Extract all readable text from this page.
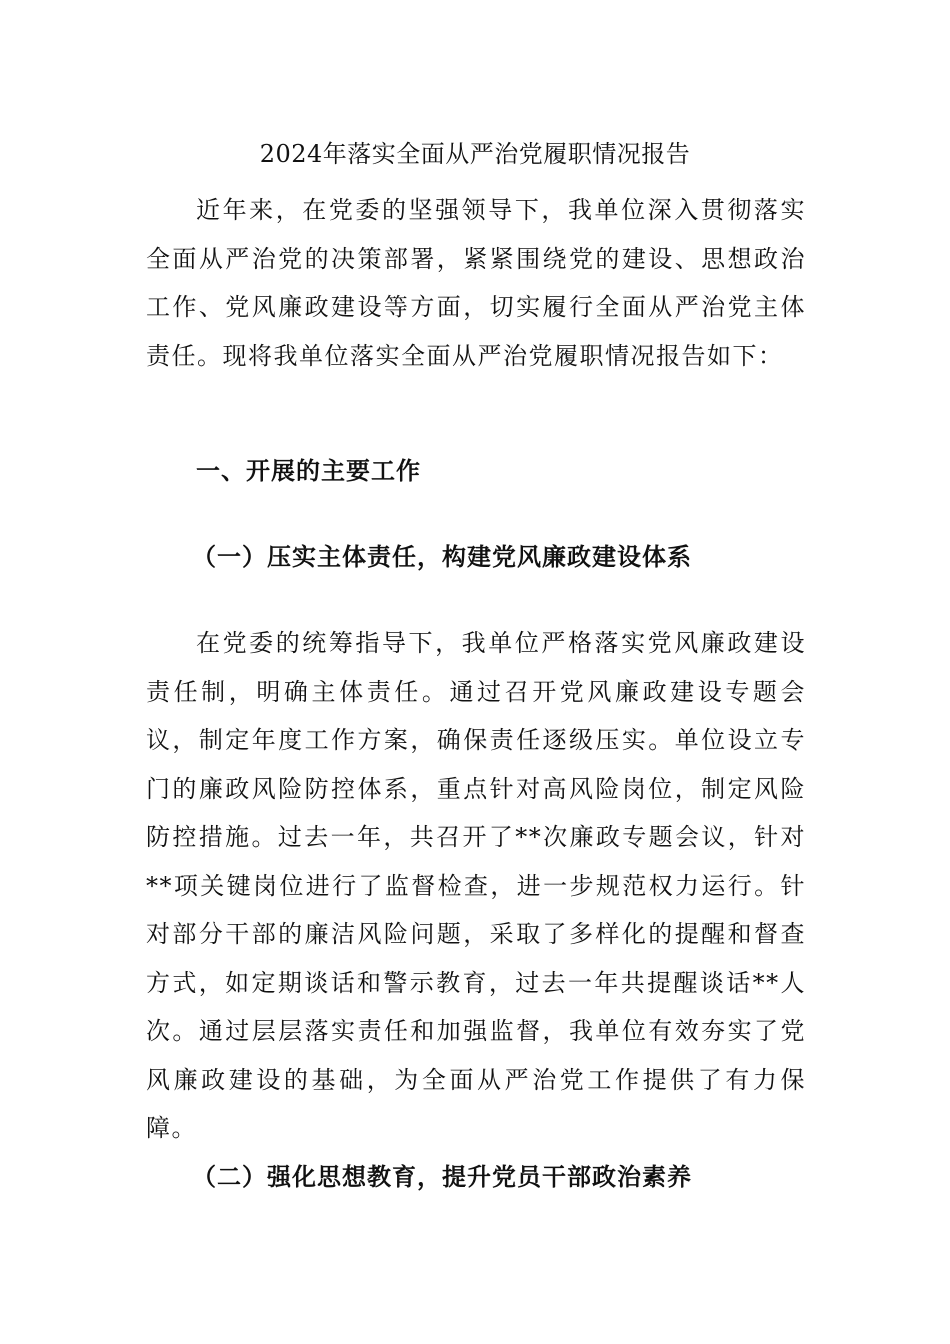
2024年落实全面从严治党履职情况报告

近年来，在党委的坚强领导下，我单位深入贯彻落实全面从严治党的决策部署，紧紧围绕党的建设、思想政治工作、党风廉政建设等方面，切实履行全面从严治党主体责任。现将我单位落实全面从严治党履职情况报告如下：

一、开展的主要工作
（一）压实主体责任，构建党风廉政建设体系

在党委的统筹指导下，我单位严格落实党风廉政建设责任制，明确主体责任。通过召开党风廉政建设专题会议，制定年度工作方案，确保责任逐级压实。单位设立专门的廉政风险防控体系，重点针对高风险岗位，制定风险防控措施。过去一年，共召开了**次廉政专题会议，针对**项关键岗位进行了监督检查，进一步规范权力运行。针对部分干部的廉洁风险问题，采取了多样化的提醒和督查方式，如定期谈话和警示教育，过去一年共提醒谈话**人次。通过层层落实责任和加强监督，我单位有效夯实了党风廉政建设的基础，为全面从严治党工作提供了有力保障。

（二）强化思想教育，提升党员干部政治素养
